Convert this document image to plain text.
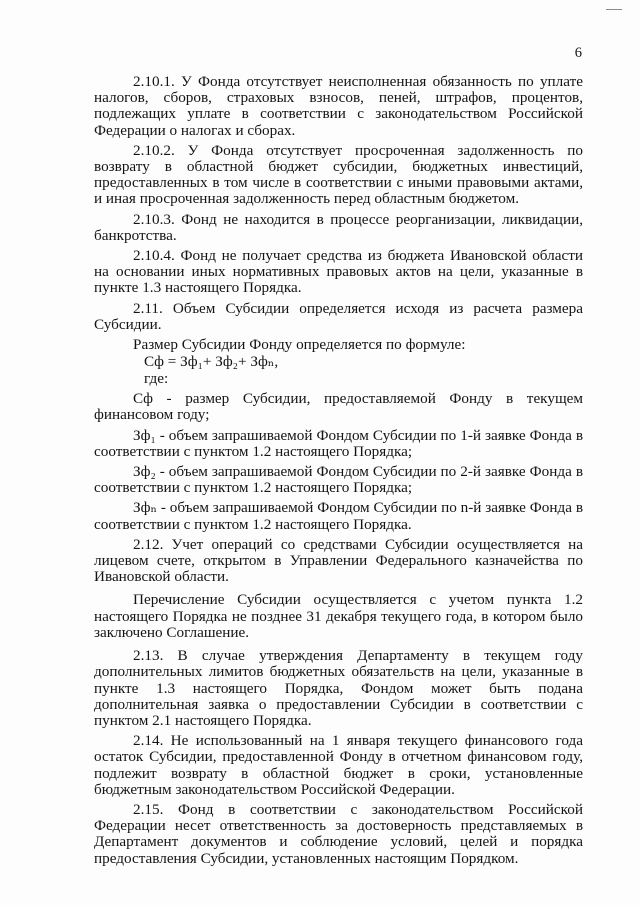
6

2.10.1. У Фонда отсутствует неисполненная обязанность по уплате налогов, сборов, страховых взносов, пеней, штрафов, процентов, подлежащих уплате в соответствии с законодательством Российской Федерации о налогах и сборах.

2.10.2. У Фонда отсутствует просроченная задолженность по возврату в областной бюджет субсидии, бюджетных инвестиций, предоставленных в том числе в соответствии с иными правовыми актами, и иная просроченная задолженность перед областным бюджетом.

2.10.3. Фонд не находится в процессе реорганизации, ликвидации, банкротства.

2.10.4. Фонд не получает средства из бюджета Ивановской области на основании иных нормативных правовых актов на цели, указанные в пункте 1.3 настоящего Порядка.

2.11. Объем Субсидии определяется исходя из расчета размера Субсидии.

Размер Субсидии Фонду определяется по формуле:

Сф = Зф₁+ Зф₂+ Зфₙ,

где:

Сф - размер Субсидии, предоставляемой Фонду в текущем финансовом году;

Зф₁ - объем запрашиваемой Фондом Субсидии по 1-й заявке Фонда в соответствии с пунктом 1.2 настоящего Порядка;

Зф₂ - объем запрашиваемой Фондом Субсидии по 2-й заявке Фонда в соответствии с пунктом 1.2 настоящего Порядка;

Зфₙ - объем запрашиваемой Фондом Субсидии по n-й заявке Фонда в соответствии с пунктом 1.2 настоящего Порядка.

2.12. Учет операций со средствами Субсидии осуществляется на лицевом счете, открытом в Управлении Федерального казначейства по Ивановской области.

Перечисление Субсидии осуществляется с учетом пункта 1.2 настоящего Порядка не позднее 31 декабря текущего года, в котором было заключено Соглашение.

2.13. В случае утверждения Департаменту в текущем году дополнительных лимитов бюджетных обязательств на цели, указанные в пункте 1.3 настоящего Порядка, Фондом может быть подана дополнительная заявка о предоставлении Субсидии в соответствии с пунктом 2.1 настоящего Порядка.

2.14. Не использованный на 1 января текущего финансового года остаток Субсидии, предоставленной Фонду в отчетном финансовом году, подлежит возврату в областной бюджет в сроки, установленные бюджетным законодательством Российской Федерации.

2.15. Фонд в соответствии с законодательством Российской Федерации несет ответственность за достоверность представляемых в Департамент документов и соблюдение условий, целей и порядка предоставления Субсидии, установленных настоящим Порядком.
